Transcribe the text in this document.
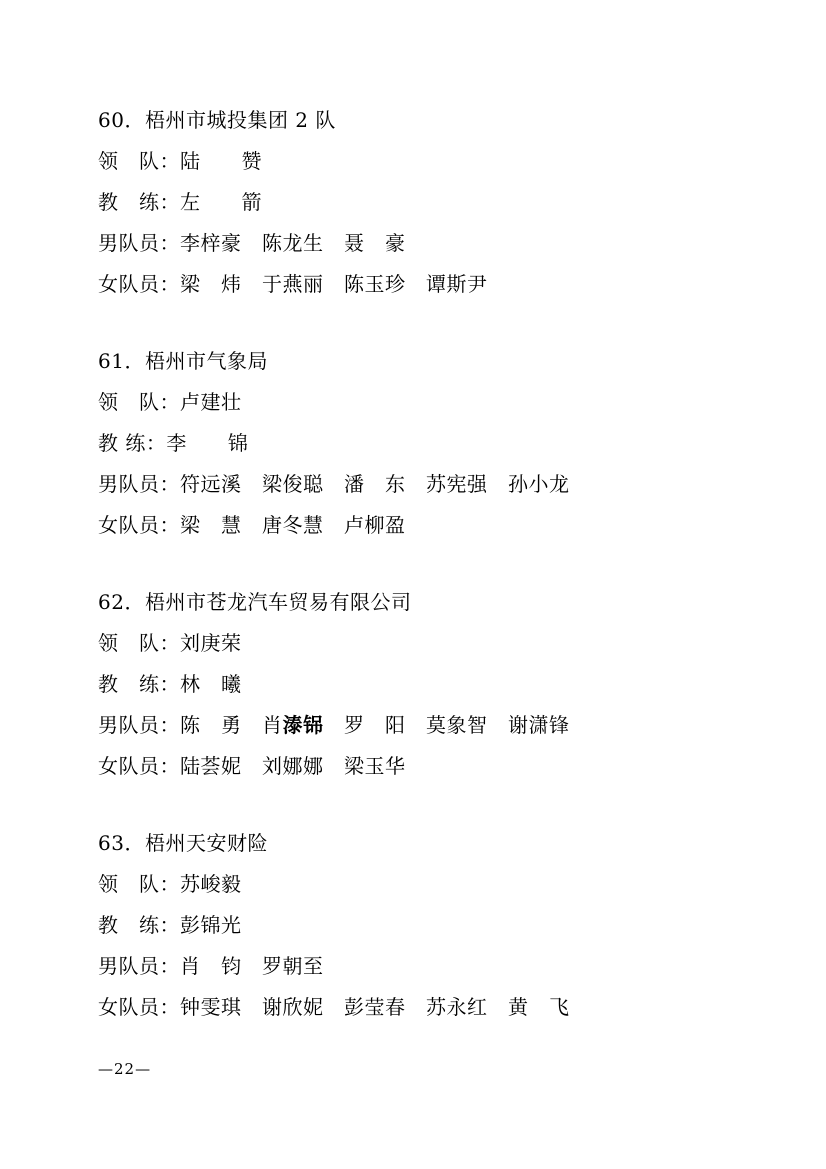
60．梧州市城投集团 2 队
领　队：陆　　赞
教　练：左　　箭
男队员：李梓豪　陈龙生　聂　豪
女队员：梁　炜　于燕丽　陈玉珍　谭斯尹
61．梧州市气象局
领　队：卢建壮
教 练：李　　锦
男队员：符远溪　梁俊聪　潘　东　苏宪强　孙小龙
女队员：梁　慧　唐冬慧　卢柳盈
62．梧州市苍龙汽车贸易有限公司
领　队：刘庚荣
教　练：林　曦
男队员：陈　勇　肖溙铞　罗　阳　莫象智　谢潇锋
女队员：陆荟妮　刘娜娜　梁玉华
63．梧州天安财险
领　队：苏峻毅
教　练：彭锦光
男队员：肖　钧　罗朝至
女队员：钟雯琪　谢欣妮　彭莹春　苏永红　黄　飞
—22—
